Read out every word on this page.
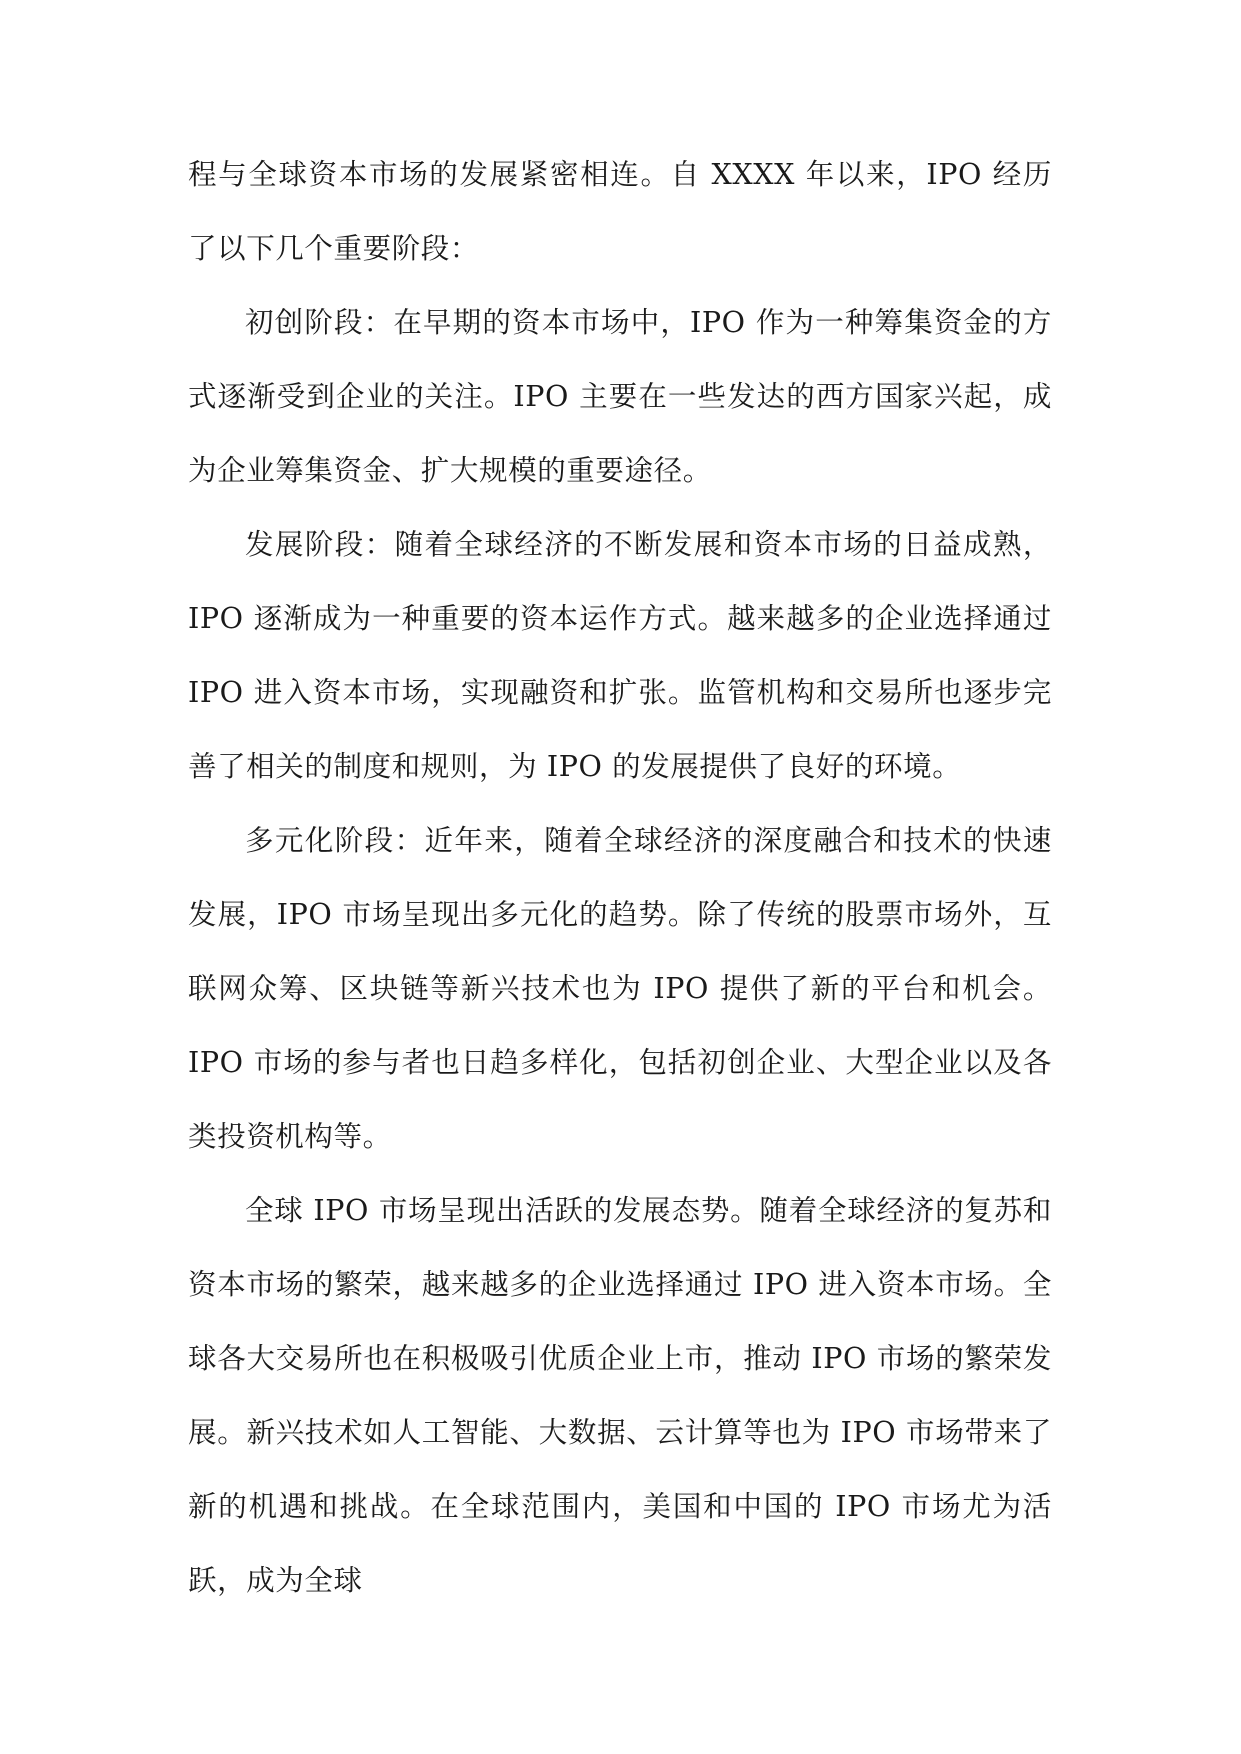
程与全球资本市场的发展紧密相连。自 XXXX 年以来，IPO 经历了以下几个重要阶段：

初创阶段：在早期的资本市场中，IPO 作为一种筹集资金的方式逐渐受到企业的关注。IPO 主要在一些发达的西方国家兴起，成为企业筹集资金、扩大规模的重要途径。

发展阶段：随着全球经济的不断发展和资本市场的日益成熟，IPO 逐渐成为一种重要的资本运作方式。越来越多的企业选择通过 IPO 进入资本市场，实现融资和扩张。监管机构和交易所也逐步完善了相关的制度和规则，为 IPO 的发展提供了良好的环境。

多元化阶段：近年来，随着全球经济的深度融合和技术的快速发展，IPO 市场呈现出多元化的趋势。除了传统的股票市场外，互联网众筹、区块链等新兴技术也为 IPO 提供了新的平台和机会。IPO 市场的参与者也日趋多样化，包括初创企业、大型企业以及各类投资机构等。

全球 IPO 市场呈现出活跃的发展态势。随着全球经济的复苏和资本市场的繁荣，越来越多的企业选择通过 IPO 进入资本市场。全球各大交易所也在积极吸引优质企业上市，推动 IPO 市场的繁荣发展。新兴技术如人工智能、大数据、云计算等也为 IPO 市场带来了新的机遇和挑战。在全球范围内，美国和中国的 IPO 市场尤为活跃，成为全球
